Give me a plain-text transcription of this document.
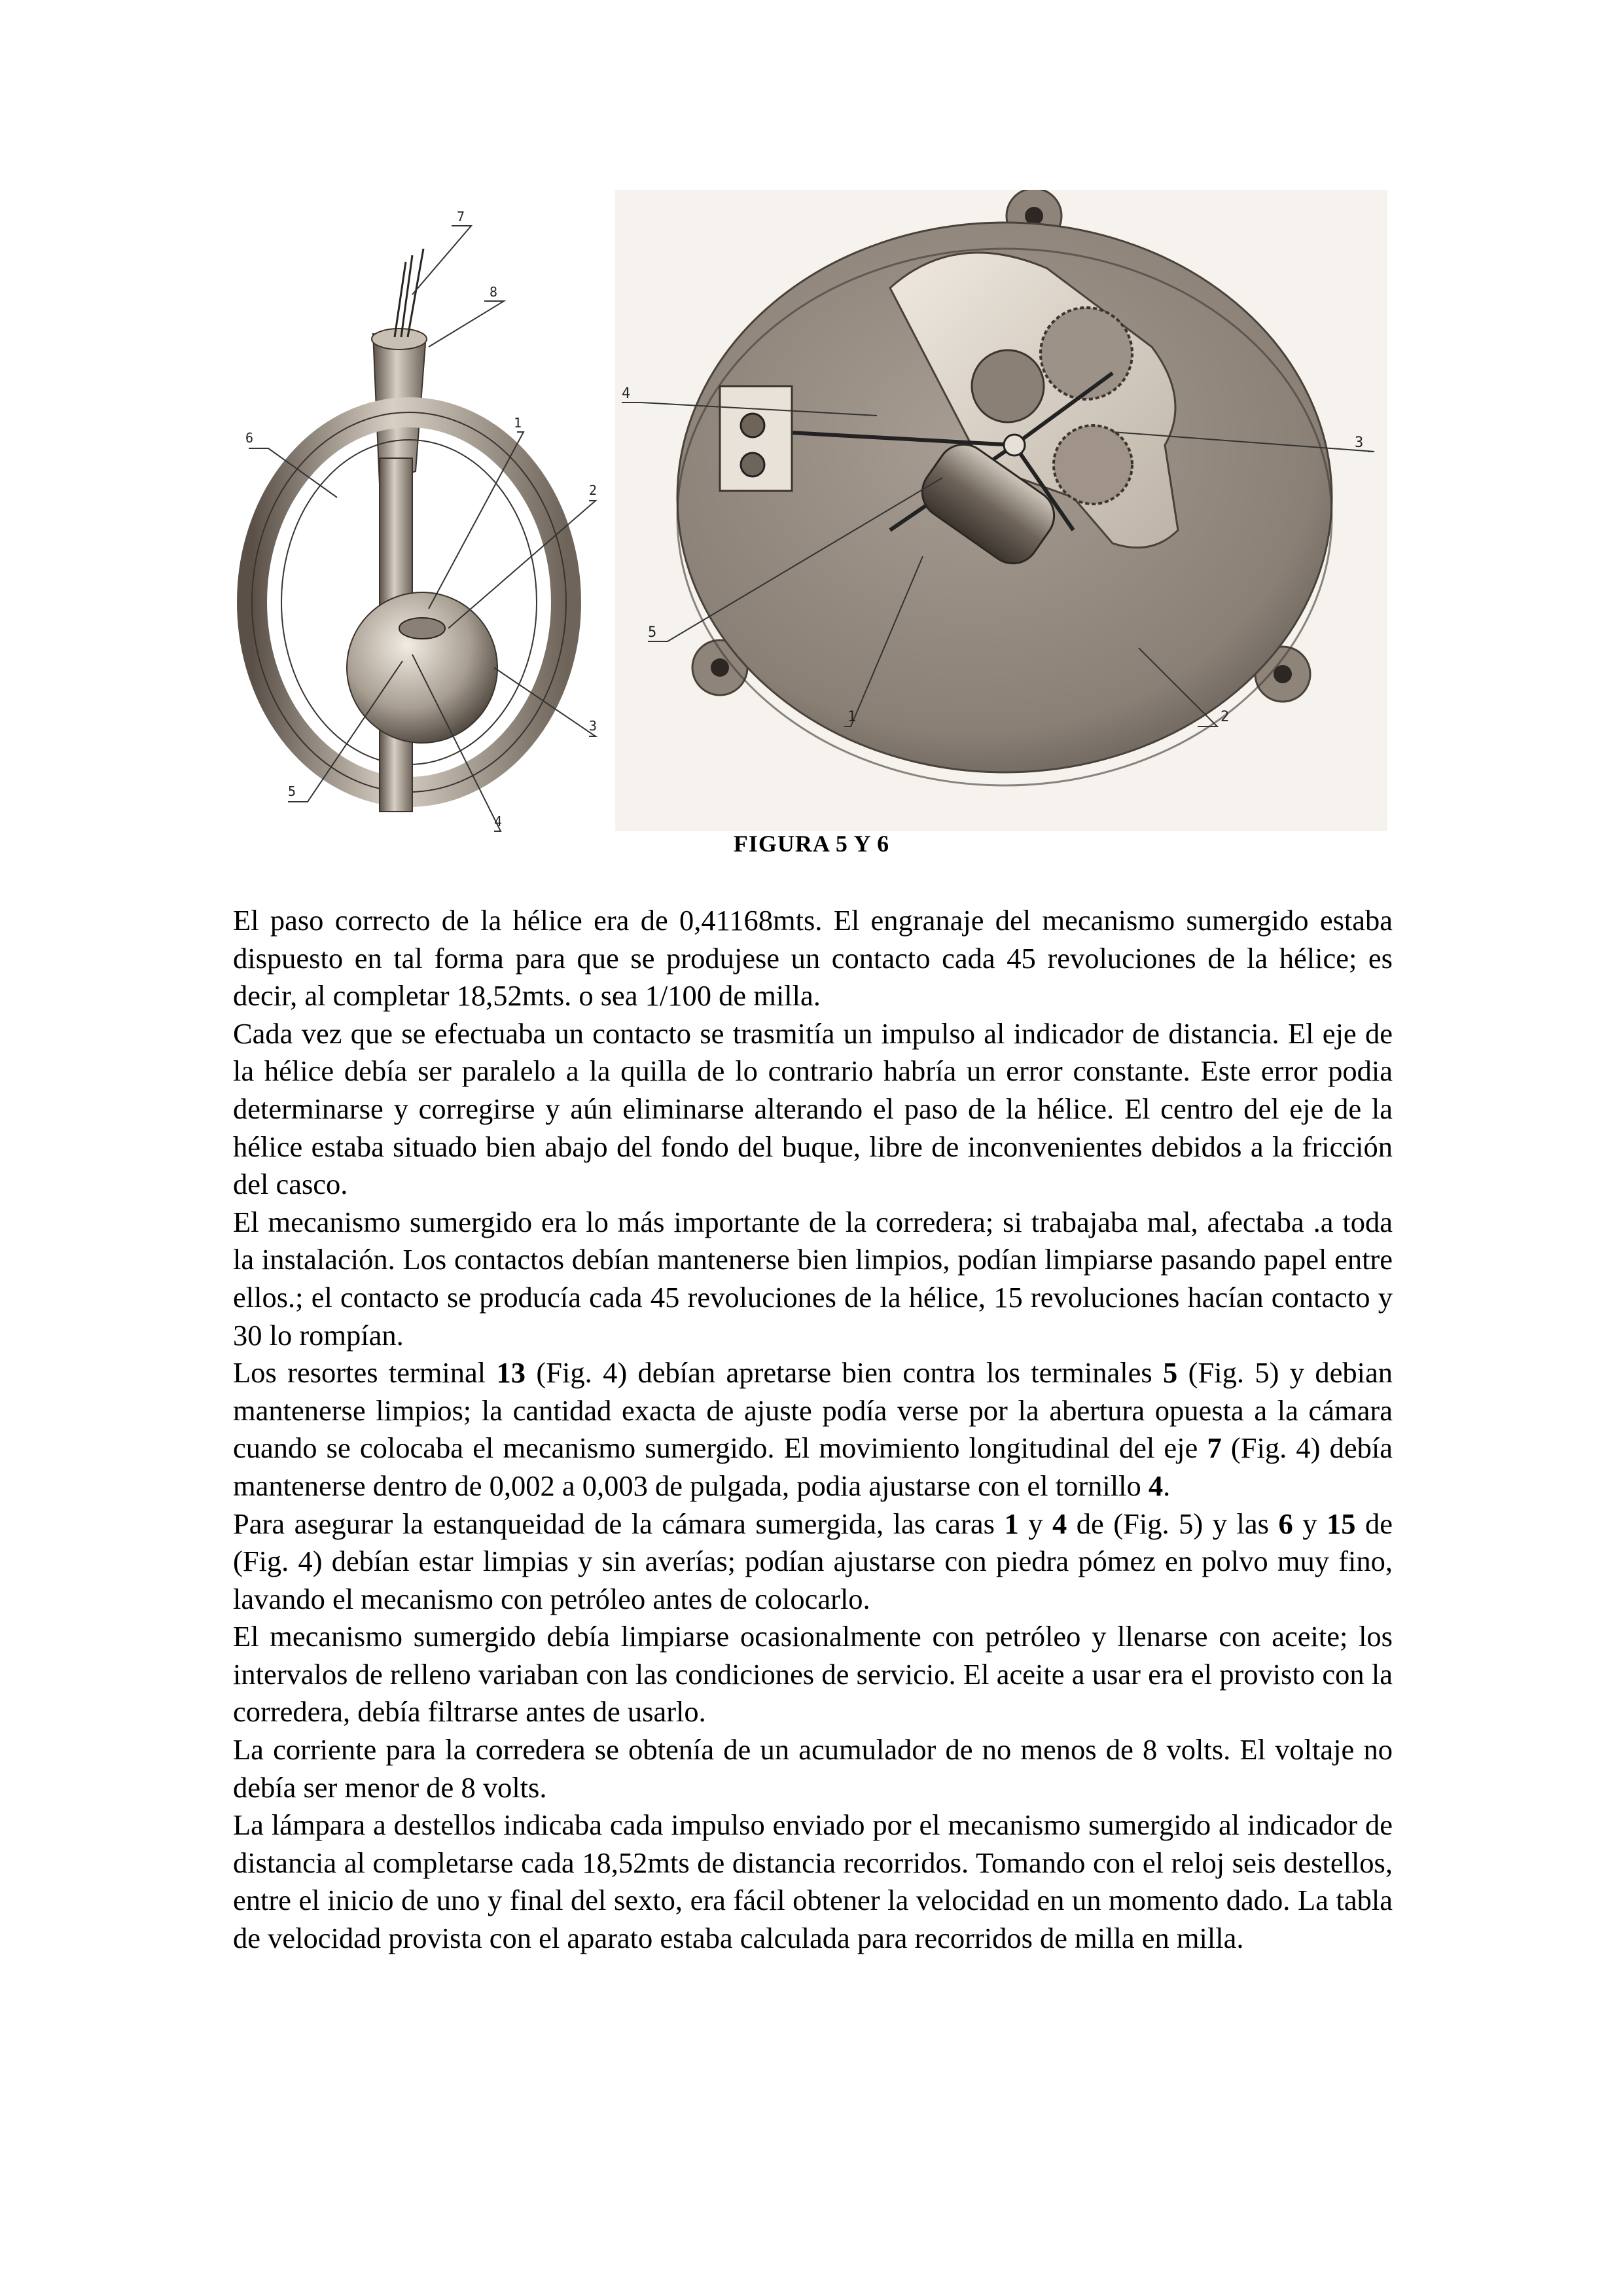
7
8
1
6
2
3
5
4
4
3
5
1	2
FIGURA 5 Y 6

El paso correcto de la hélice era de 0,41168mts. El engranaje del mecanismo sumergido estaba dispuesto en tal forma para que se produjese un contacto cada 45 revoluciones de la hélice; es decir, al completar 18,52mts. o sea 1/100 de milla.

Cada vez que se efectuaba un contacto se trasmitía un impulso al indicador de distancia. El eje de la hélice debía ser paralelo a la quilla de lo contrario habría un error constante. Este error podia determinarse y corregirse y aún eliminarse alterando el paso de la hélice. El centro del eje de la hélice estaba situado bien abajo del fondo del buque, libre de inconvenientes debidos a la fricción del casco.

El mecanismo sumergido era lo más importante de la corredera; si trabajaba mal, afectaba .a toda la instalación. Los contactos debían mantenerse bien limpios, podían limpiarse pasando papel entre ellos.; el contacto se producía cada 45 revoluciones de la hélice, 15 revoluciones hacían contacto y 30 lo rompían.

Los resortes terminal 13 (Fig. 4) debían apretarse bien contra los terminales 5 (Fig. 5) y debian mantenerse limpios; la cantidad exacta de ajuste podía verse por la abertura opuesta a la cámara cuando se colocaba el mecanismo sumergido. El movimiento longitudinal del eje 7 (Fig. 4) debía mantenerse dentro de 0,002 a 0,003 de pulgada, podia ajustarse con el tornillo 4.

Para asegurar la estanqueidad de la cámara sumergida, las caras 1 y 4 de (Fig. 5) y las 6 y 15 de (Fig. 4) debían estar limpias y sin averías; podían ajustarse con piedra pómez en polvo muy fino, lavando el mecanismo con petróleo antes de colocarlo.

El mecanismo sumergido debía limpiarse ocasionalmente con petróleo y llenarse con aceite; los intervalos de relleno variaban con las condiciones de servicio. El aceite a usar era el provisto con la corredera, debía filtrarse antes de usarlo.

La corriente para la corredera se obtenía de un acumulador de no menos de 8 volts. El voltaje no debía ser menor de 8 volts.

La lámpara a destellos indicaba cada impulso enviado por el mecanismo sumergido al indicador de distancia al completarse cada 18,52mts de distancia recorridos. Tomando con el reloj seis destellos, entre el inicio de uno y final del sexto, era fácil obtener la velocidad en un momento dado. La tabla de velocidad provista con el aparato estaba calculada para recorridos de milla en milla.
